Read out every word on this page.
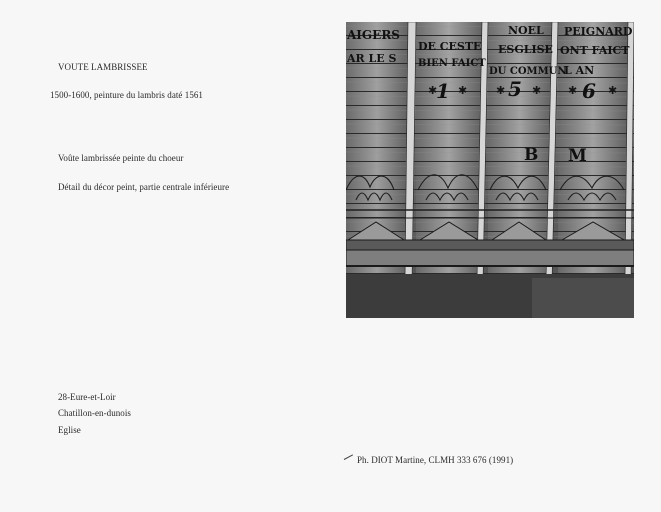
VOUTE LAMBRISSEE
1500-1600, peinture du lambris daté 1561
Voûte lambrissée peinte du choeur
Détail du décor peint, partie centrale inférieure
28-Eure-et-Loir
Chatillon-en-dunois
Eglise
Ph. DIOT Martine, CLMH 333 676 (1991)
AIGERS
DE CESTE
NOEL
ESGLISE
PEIGNARD
ONT FAICT
AR LE S BIEN FAICT
DU COMMUN
L AN
1	5	6
B M
✱ ✱	✱ ✱ ✱	✱
